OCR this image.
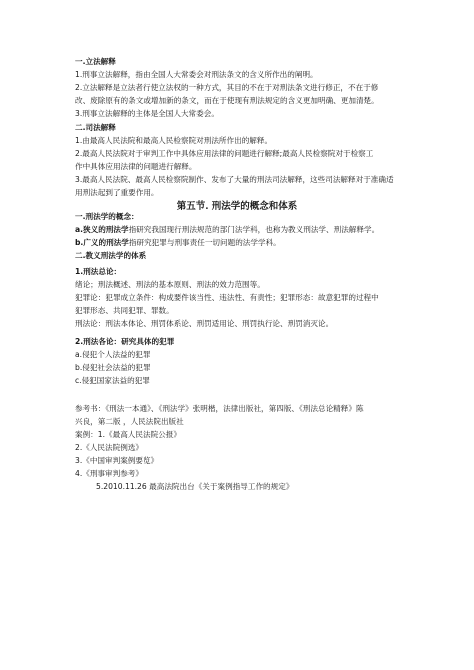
一.立法解释
1.刑事立法解释，指由全国人大常委会对刑法条文的含义所作出的阐明。
2.立法解释是立法者行使立法权的一种方式，其目的不在于对刑法条文进行修正，不在于修
改、废除原有的条文或增加新的条文，而在于使现有刑法规定的含义更加明确、更加清楚。
3.刑事立法解释的主体是全国人大常委会。
二.司法解释
1.由最高人民法院和最高人民检察院对刑法所作出的解释。
2.最高人民法院对于审判工作中具体应用法律的问题进行解释;最高人民检察院对于检察工
作中具体应用法律的问题进行解释。
3.最高人民法院、最高人民检察院制作、发布了大量的刑法司法解释，这些司法解释对于准确适
用刑法起到了重要作用。
第五节. 刑法学的概念和体系
一.刑法学的概念：
a.狭义的刑法学指研究我国现行刑法规范的部门法学科，也称为教义刑法学、刑法解释学。
b.广义的刑法学指研究犯罪与刑事责任一切问题的法学学科。
二.教义刑法学的体系
1.刑法总论：
绪论；刑法概述、刑法的基本原则、刑法的效力范围等。
犯罪论：犯罪成立条件：构成要件该当性、违法性、有责性；犯罪形态：故意犯罪的过程中
犯罪形态、共同犯罪、罪数。
刑法论：刑法本体论、刑罚体系论、刑罚适用论、刑罚执行论、刑罚消灭论。
2.刑法各论：研究具体的犯罪
a.侵犯个人法益的犯罪
b.侵犯社会法益的犯罪
c.侵犯国家法益的犯罪
参考书：《刑法一本通》、《刑法学》张明楷，法律出版社，第四版、《刑法总论精释》陈
兴良，第二版 ，人民法院出版社
案例：1.《最高人民法院公报》
2.《人民法院例选》
3.《中国审判案例要览》
4.《刑事审判参考》
5.2010.11.26 最高法院出台《关于案例指导工作的规定》
